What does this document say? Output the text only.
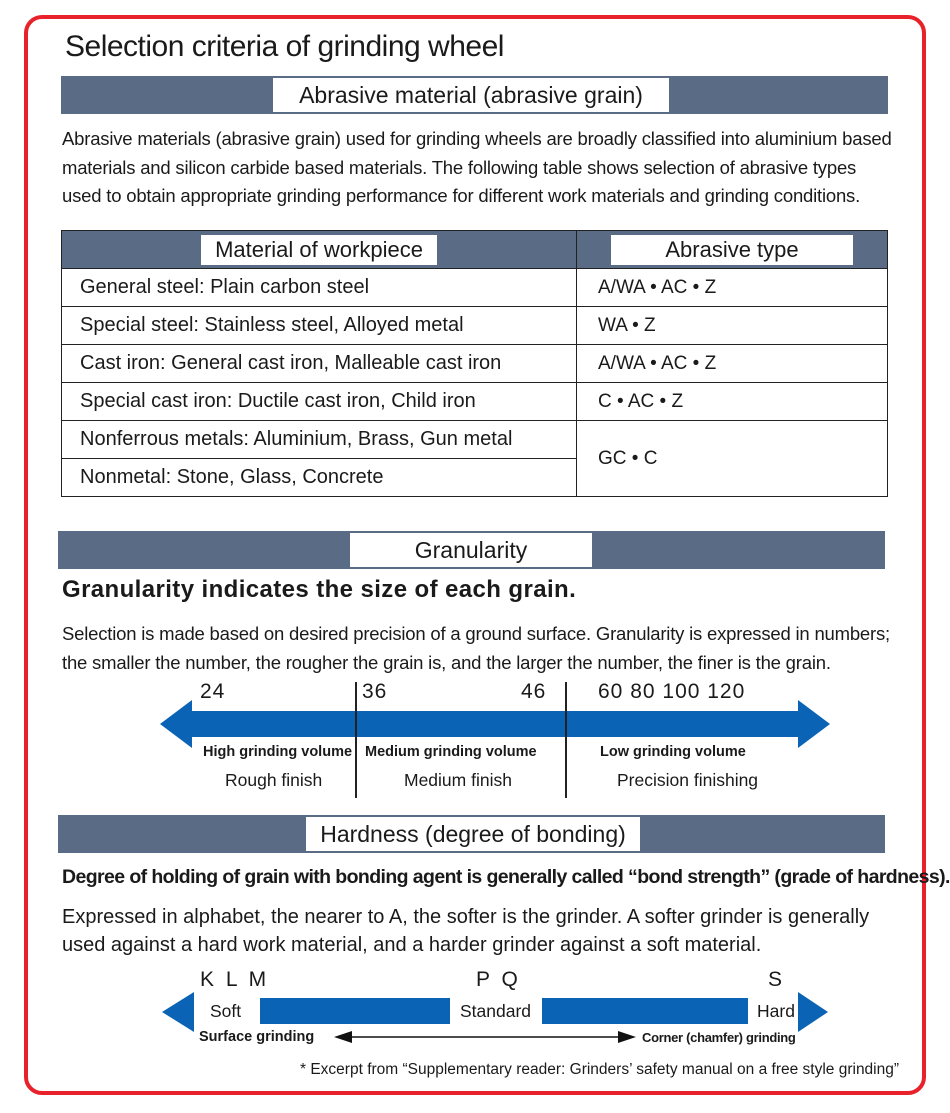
Selection criteria of grinding wheel
Abrasive material (abrasive grain)
Abrasive materials (abrasive grain) used for grinding wheels are broadly classified into aluminium based
materials and silicon carbide based materials. The following table shows selection of abrasive types
used to obtain appropriate grinding performance for different work materials and grinding conditions.
Material of workpiece	Abrasive type

General steel: Plain carbon steel	A/WA • AC • Z
Special steel: Stainless steel, Alloyed metal	WA • Z
Cast iron: General cast iron, Malleable cast iron	A/WA • AC • Z
Special cast iron: Ductile cast iron, Child iron	C • AC • Z
Nonferrous metals: Aluminium, Brass, Gun metal	GC • C
Nonmetal: Stone, Glass, Concrete	
Granularity
Granularity indicates the size of each grain.
Selection is made based on desired precision of a ground surface. Granularity is expressed in numbers;
the smaller the number, the rougher the grain is, and the larger the number, the finer is the grain.
24	36	46 60 80 100 120
High grinding volume Medium grinding volume	Low grinding volume
Rough finish	Medium finish	Precision finishing
Hardness (degree of bonding)
Degree of holding of grain with bonding agent is generally called “bond strength” (grade of hardness).
Expressed in alphabet, the nearer to A, the softer is the grinder. A softer grinder is generally
used against a hard work material, and a harder grinder against a soft material.
K L M	P Q	S
Soft	Standard	Hard
Surface grinding	Corner (chamfer) grinding
* Excerpt from “Supplementary reader: Grinders’ safety manual on a free style grinding”
